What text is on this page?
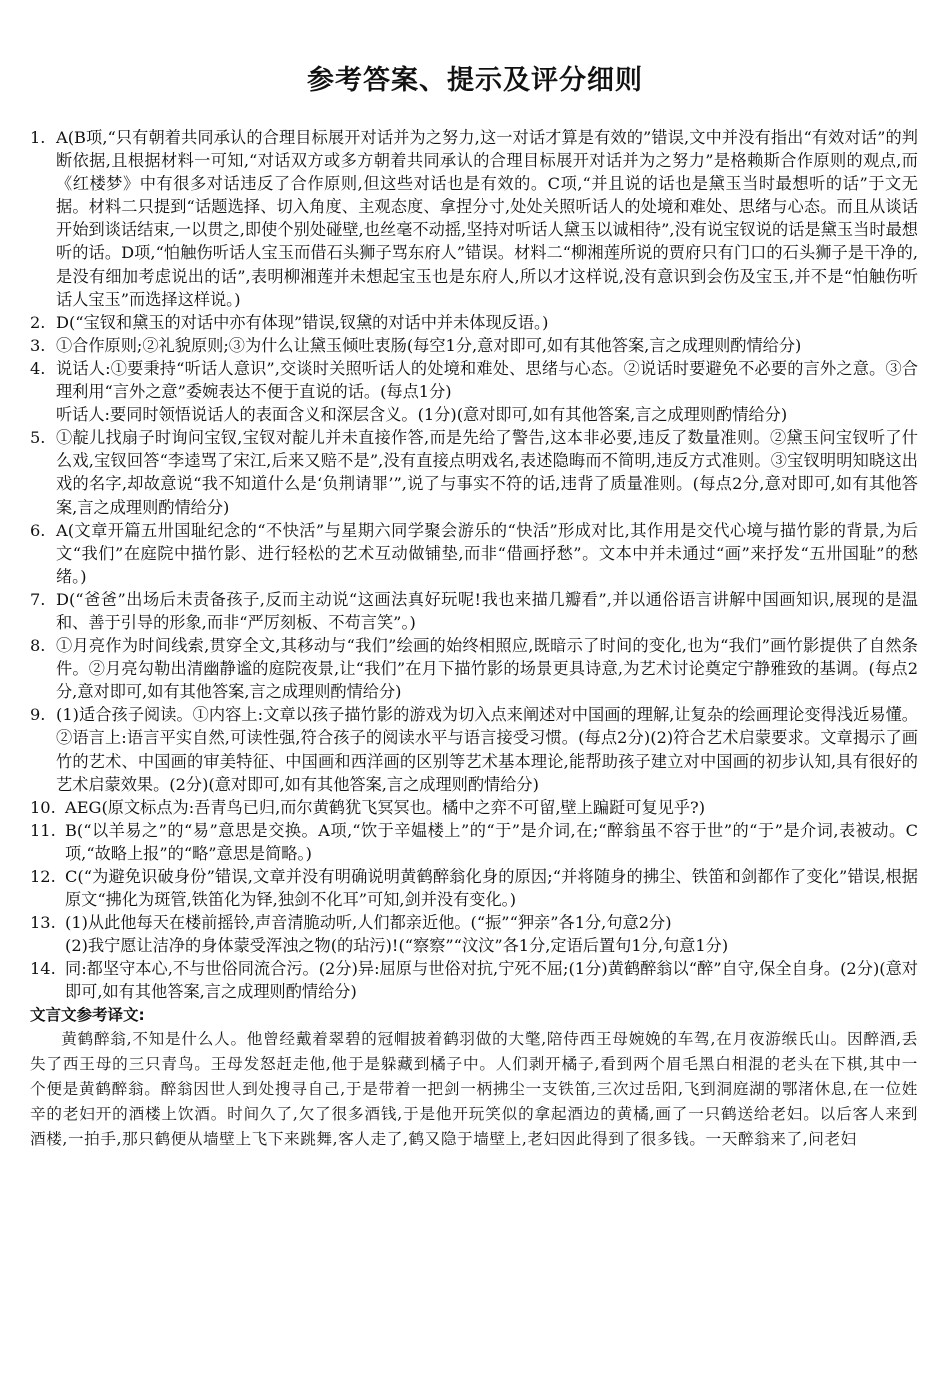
参考答案、提示及评分细则
1. A(B项,“只有朝着共同承认的合理目标展开对话并为之努力,这一对话才算是有效的”错误,文中并没有指出“有效对话”的判断依据,且根据材料一可知,“对话双方或多方朝着共同承认的合理目标展开对话并为之努力”是格赖斯合作原则的观点,而《红楼梦》中有很多对话违反了合作原则,但这些对话也是有效的。C项,“并且说的话也是黛玉当时最想听的话”于文无据。材料二只提到“话题选择、切入角度、主观态度、拿捏分寸,处处关照听话人的处境和难处、思绪与心态。而且从谈话开始到谈话结束,一以贯之,即使个别处碰壁,也丝毫不动摇,坚持对听话人黛玉以诚相待”,没有说宝钗说的话是黛玉当时最想听的话。D项,“怕触伤听话人宝玉而借石头狮子骂东府人”错误。材料二“柳湘莲所说的贾府只有门口的石头狮子是干净的,是没有细加考虑说出的话”,表明柳湘莲并未想起宝玉也是东府人,所以才这样说,没有意识到会伤及宝玉,并不是“怕触伤听话人宝玉”而选择这样说。)
2. D(“宝钗和黛玉的对话中亦有体现”错误,钗黛的对话中并未体现反语。)
3. ①合作原则;②礼貌原则;③为什么让黛玉倾吐衷肠(每空1分,意对即可,如有其他答案,言之成理则酌情给分)
4. 说话人:①要秉持“听话人意识”,交谈时关照听话人的处境和难处、思绪与心态。②说话时要避免不必要的言外之意。③合理利用“言外之意”委婉表达不便于直说的话。(每点1分)
听话人:要同时领悟说话人的表面含义和深层含义。(1分)(意对即可,如有其他答案,言之成理则酌情给分)
5. ①靛儿找扇子时询问宝钗,宝钗对靛儿并未直接作答,而是先给了警告,这本非必要,违反了数量准则。②黛玉问宝钗听了什么戏,宝钗回答“李逵骂了宋江,后来又赔不是”,没有直接点明戏名,表述隐晦而不简明,违反方式准则。③宝钗明明知晓这出戏的名字,却故意说“我不知道什么是‘负荆请罪’”,说了与事实不符的话,违背了质量准则。(每点2分,意对即可,如有其他答案,言之成理则酌情给分)
6. A(文章开篇五卅国耻纪念的“不快活”与星期六同学聚会游乐的“快活”形成对比,其作用是交代心境与描竹影的背景,为后文“我们”在庭院中描竹影、进行轻松的艺术互动做铺垫,而非“借画抒愁”。文本中并未通过“画”来抒发“五卅国耻”的愁绪。)
7. D(“爸爸”出场后未责备孩子,反而主动说“这画法真好玩呢!我也来描几瓣看”,并以通俗语言讲解中国画知识,展现的是温和、善于引导的形象,而非“严厉刻板、不苟言笑”。)
8. ①月亮作为时间线索,贯穿全文,其移动与“我们”绘画的始终相照应,既暗示了时间的变化,也为“我们”画竹影提供了自然条件。②月亮勾勒出清幽静谧的庭院夜景,让“我们”在月下描竹影的场景更具诗意,为艺术讨论奠定宁静雅致的基调。(每点2分,意对即可,如有其他答案,言之成理则酌情给分)
9. (1)适合孩子阅读。①内容上:文章以孩子描竹影的游戏为切入点来阐述对中国画的理解,让复杂的绘画理论变得浅近易懂。②语言上:语言平实自然,可读性强,符合孩子的阅读水平与语言接受习惯。(每点2分)(2)符合艺术启蒙要求。文章揭示了画竹的艺术、中国画的审美特征、中国画和西洋画的区别等艺术基本理论,能帮助孩子建立对中国画的初步认知,具有很好的艺术启蒙效果。(2分)(意对即可,如有其他答案,言之成理则酌情给分)
10. AEG(原文标点为:吾青鸟已归,而尔黄鹤犹飞冥冥也。橘中之弈不可留,壁上蹁跹可复见乎?)
11. B(“以羊易之”的“易”意思是交换。A项,“饮于辛媪楼上”的“于”是介词,在;“醉翁虽不容于世”的“于”是介词,表被动。C项,“故略上报”的“略”意思是简略。)
12. C(“为避免识破身份”错误,文章并没有明确说明黄鹤醉翁化身的原因;“并将随身的拂尘、铁笛和剑都作了变化”错误,根据原文“拂化为斑管,铁笛化为铎,独剑不化耳”可知,剑并没有变化。)
13. (1)从此他每天在楼前摇铃,声音清脆动听,人们都亲近他。(“振”“狎亲”各1分,句意2分)
(2)我宁愿让洁净的身体蒙受浑浊之物(的玷污)!(“察察”“汶汶”各1分,定语后置句1分,句意1分)
14. 同:都坚守本心,不与世俗同流合污。(2分)异:屈原与世俗对抗,宁死不屈;(1分)黄鹤醉翁以“醉”自守,保全自身。(2分)(意对即可,如有其他答案,言之成理则酌情给分)
文言文参考译文:

黄鹤醉翁,不知是什么人。他曾经戴着翠碧的冠帽披着鹤羽做的大氅,陪侍西王母婉娩的车驾,在月夜游缑氏山。因醉酒,丢失了西王母的三只青鸟。王母发怒赶走他,他于是躲藏到橘子中。人们剥开橘子,看到两个眉毛黑白相混的老头在下棋,其中一个便是黄鹤醉翁。醉翁因世人到处搜寻自己,于是带着一把剑一柄拂尘一支铁笛,三次过岳阳,飞到洞庭湖的鄂渚休息,在一位姓辛的老妇开的酒楼上饮酒。时间久了,欠了很多酒钱,于是他开玩笑似的拿起酒边的黄橘,画了一只鹤送给老妇。以后客人来到酒楼,一拍手,那只鹤便从墙壁上飞下来跳舞,客人走了,鹤又隐于墙壁上,老妇因此得到了很多钱。一天醉翁来了,问老妇
